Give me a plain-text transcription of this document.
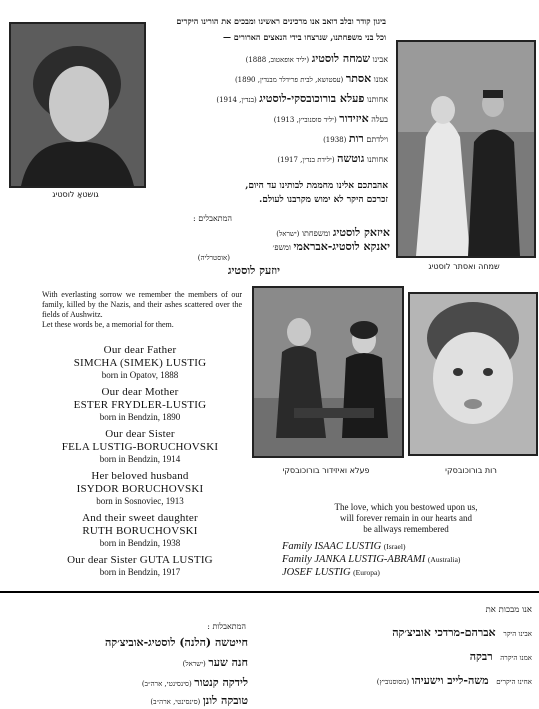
גושטאַ לוסטיג
ביגון קודר ובלב דואב אנו מרכינים ראשינו ומבכים את הורינו היקרים
וכל בני משפחתנו, שנרצחו בידי הנאצים הארורים —
אבינו שמחה לוסטיג (יליד אופאטוב, 1888)
אמנו אסתר (עסטושא, לבית פרידלר מבנדין, 1890)
אחותנו פעלא בורוכובסקי-לוסטיג (בנדין, 1914)
בעלה איזידור (יליד סוסנוביץ, 1913)
וילדתם רות (1938)
אחותנו גוטשה (ילידת בנדין, 1917)
אהבתכם אלינו מחממת לבותינו עד היום,
זכרכם היקר לא ימוש מקרבנו לעולם.
שמחה ואסתר לוסטיג
המתאבלים :
איזאק לוסטיג ומשפחתו (ישראל)
יאנקא לוסטיג-אבראמי ומשפ׳
(אוסטרליה)
יוזעק לוסטיג
With everlasting sorrow we remember the members of our family, killed by the Nazis, and their ashes scattered over the fields of Aushwitz.
Let these words be, a memorial for them.
Our dear Father
SIMCHA (SIMEK) LUSTIG
born in Opatov, 1888
Our dear Mother
ESTER FRYDLER-LUSTIG
born in Bendzin, 1890
Our dear Sister
FELA LUSTIG-BORUCHOVSKI
born in Bendzin, 1914
Her beloved husband
ISYDOR BORUCHOVSKI
born in Sosnoviec, 1913
And their sweet daughter
RUTH BORUCHOVSKI
born in Bendzin, 1938
Our dear Sister GUTA LUSTIG
born in Bendzin, 1917
פעלא ואיזידור בורוכובסקי	רות בורוכובסקי
The love, which you bestowed upon us,
will forever remain in our hearts and
be allways remembered
Family ISAAC LUSTIG (Israel)
Family JANKA LUSTIG-ABRAMI (Australia)
JOSEF LUSTIG (Europa)
אנו מבכות את
אבינו היקר   אברהם-מרדכי אוביצ׳קה
אמנו היקרה   רבקה
אחינו היקרים   משה-לייב וישעיהו (מסוסנוביץ)
המתאבלות :
חייטשה (הלנה) לוסטיג-אוביצ׳קה
חנה שער (ישראל)
לידקה קנטור (סינסינטי, ארה״ב)
טובקה לונן (סינסינטי, ארה״ב)
